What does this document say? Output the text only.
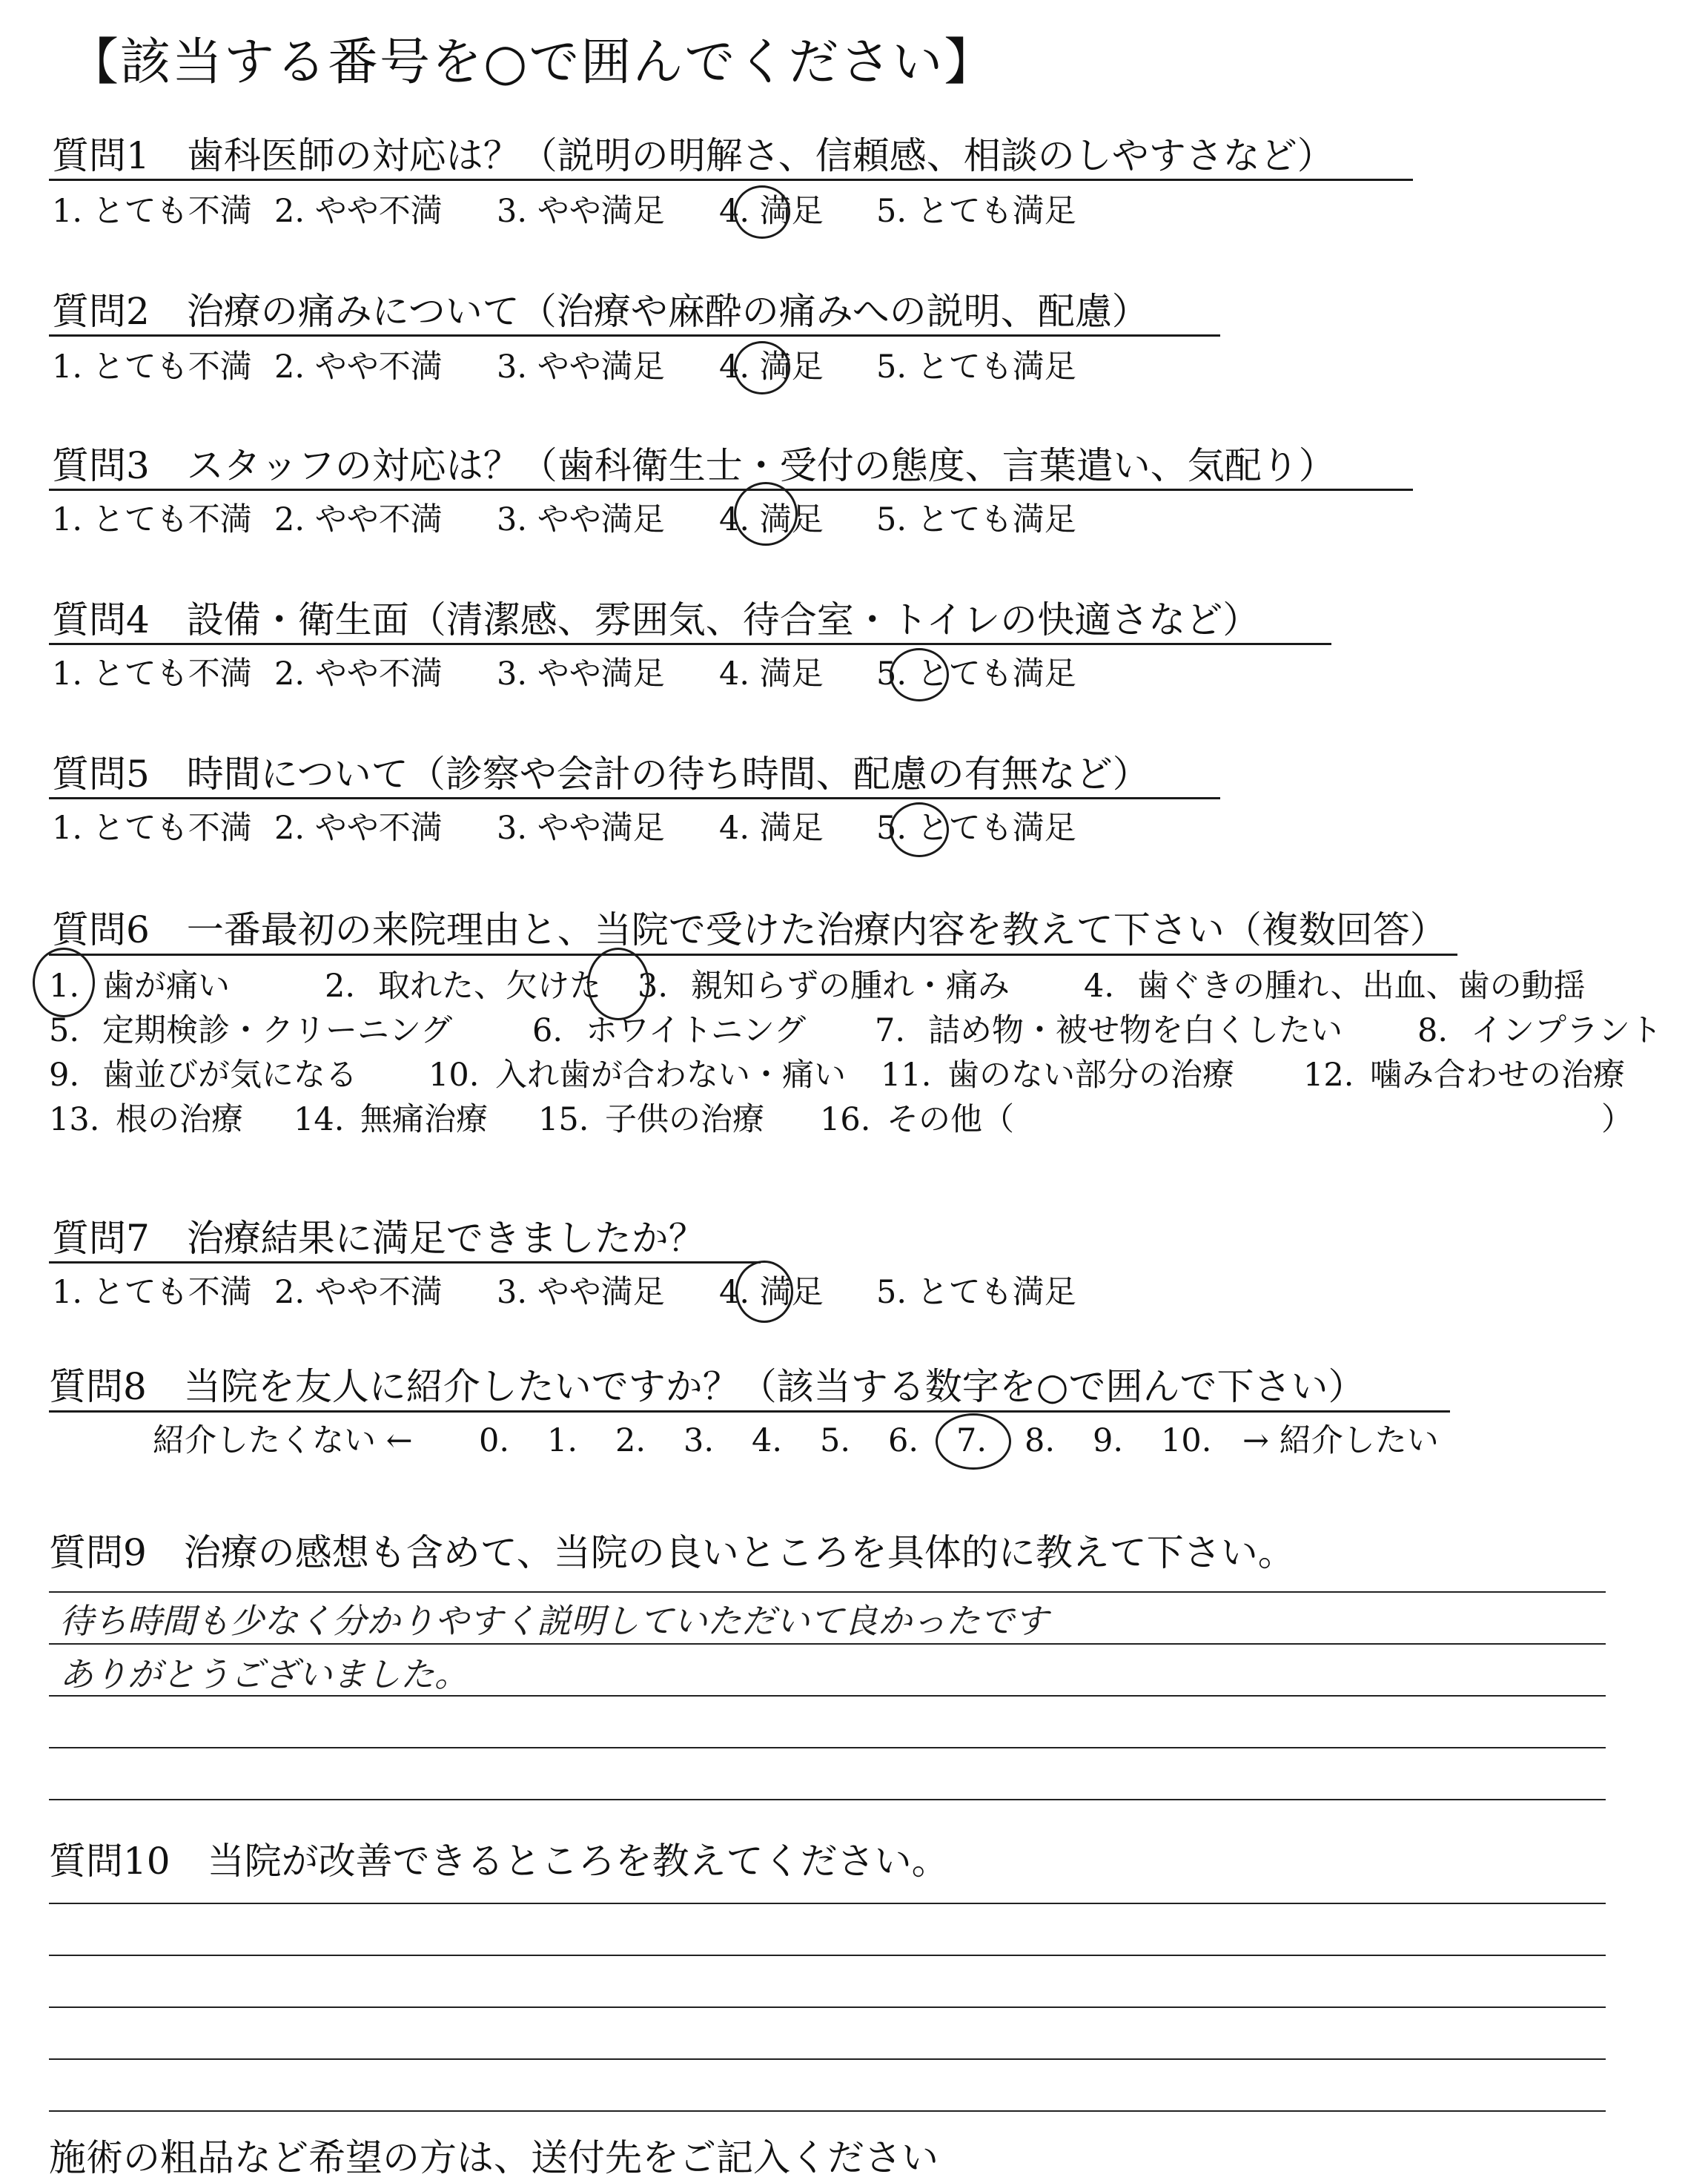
【該当する番号を○で囲んでください】
質問1　歯科医師の対応は？（説明の明解さ、信頼感、相談のしやすさなど）
1. とても不満 2. やや不満 3. やや満足 4. 満足 5. とても満足
質問2　治療の痛みについて（治療や麻酔の痛みへの説明、配慮）
1. とても不満 2. やや不満 3. やや満足 4. 満足 5. とても満足
質問3　スタッフの対応は？（歯科衛生士・受付の態度、言葉遣い、気配り）
1. とても不満 2. やや不満 3. やや満足 4. 満足 5. とても満足
質問4　設備・衛生面（清潔感、雰囲気、待合室・トイレの快適さなど）
1. とても不満 2. やや不満 3. やや満足 4. 満足 5. とても満足
質問5　時間について（診察や会計の待ち時間、配慮の有無など）
1. とても不満 2. やや不満 3. やや満足 4. 満足 5. とても満足
質問6　一番最初の来院理由と、当院で受けた治療内容を教えて下さい（複数回答）
1. 歯が痛い	2. 取れた、欠けた 3. 親知らずの腫れ・痛み 4. 歯ぐきの腫れ、出血、歯の動揺
5. 定期検診・クリーニング	6. ホワイトニング 7. 詰め物・被せ物を白くしたい 8. インプラント
9. 歯並びが気になる 10. 入れ歯が合わない・痛い 11. 歯のない部分の治療 12. 噛み合わせの治療
13. 根の治療 14. 無痛治療 15. 子供の治療 16. その他（	）
質問7　治療結果に満足できましたか？
1. とても不満 2. やや不満 3. やや満足 4. 満足 5. とても満足
質問8　当院を友人に紹介したいですか？（該当する数字を○で囲んで下さい）
紹介したくない ← 0. 1. 2. 3. 4. 5. 6. 7. 8. 9. 10. → 紹介したい
質問9　治療の感想も含めて、当院の良いところを具体的に教えて下さい。
待ち時間も少なく分かりやすく説明していただいて良かったです
ありがとうございました。
質問10　当院が改善できるところを教えてください。
施術の粗品など希望の方は、送付先をご記入ください
